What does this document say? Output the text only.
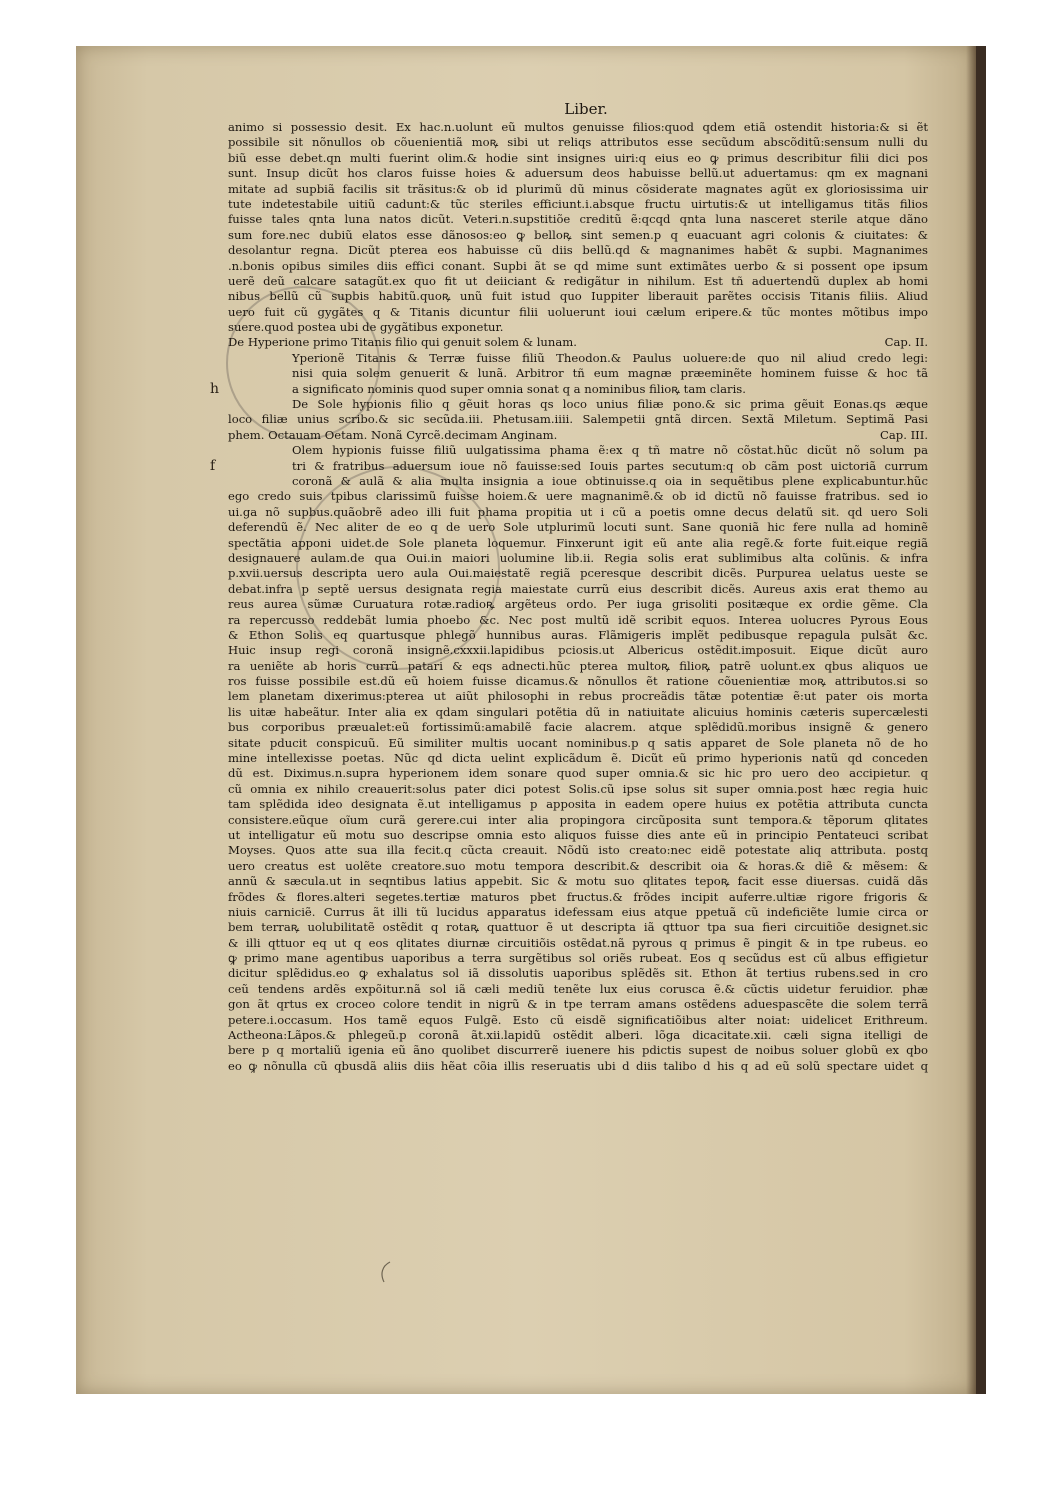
Liber.
h
f
animo si possessio desit. Ex hac.n.uolunt eũ multos genuisse filios:quod qdem etiã ostendit historia:& si ẽt
possibile sit nõnullos ob cõuenientiã moꝶ sibi ut reliqs attributos esse secũdum abscõditũ:sensum nulli du
biũ esse debet.qn multi fuerint olim.& hodie sint insignes uiri:q eius eo ꝙ primus describitur filii dici pos
sunt. Insup dicũt hos claros fuisse hoies & aduersum deos habuisse bellũ.ut aduertamus: qm ex magnani
mitate ad supbiã facilis sit trãsitus:& ob id plurimũ dũ minus cõsiderate magnates agũt ex gloriosissima uir
tute indetestabile uitiũ cadunt:& tũc steriles efficiunt.i.absque fructu uirtutis:& ut intelligamus titãs filios
fuisse tales qnta luna natos dicũt. Veteri.n.supstitiõe creditũ ẽ:qcqd qnta luna nasceret sterile atque dãno
sum fore.nec dubiũ elatos esse dãnosos:eo ꝙ belloꝶ sint semen.p q euacuant agri colonis & ciuitates: &
desolantur regna. Dicũt pterea eos habuisse cũ diis bellũ.qd & magnanimes habẽt & supbi. Magnanimes
.n.bonis opibus similes diis effici conant. Supbi ãt se qd mime sunt extimãtes uerbo & si possent ope ipsum
uerẽ deũ calcare satagũt.ex quo fit ut deiiciant & redigãtur in nihilum. Est tñ aduertendũ duplex ab homi
nibus bellũ cũ supbis habitũ.quoꝶ unũ fuit istud quo Iuppiter liberauit parẽtes occisis Titanis filiis. Aliud
uero fuit cũ gygãtes q & Titanis dicuntur filii uoluerunt ioui cælum eripere.& tũc montes mõtibus impo
suere.quod postea ubi de gygãtibus exponetur.
De Hyperione primo Titanis filio qui genuit solem & lunam.	Cap. II.
Yperionẽ Titanis & Terræ fuisse filiũ Theodon.& Paulus uoluere:de quo nil aliud credo legi:
nisi quia solem genuerit & lunã. Arbitror tñ eum magnæ præeminẽte hominem fuisse & hoc tã
a significato nominis quod super omnia sonat q a nominibus filioꝶ tam claris.
De Sole hypionis filio q gẽuit horas qs loco unius filiæ pono.& sic prima gẽuit Eonas.qs æque
loco filiæ unius scribo.& sic secũda.iii. Phetusam.iiii. Salempetii gntã dircen. Sextã Miletum. Septimã Pasi
phem. Octauam Oetam. Nonã Cyrcẽ.decimam Anginam.	Cap. III.
Olem hypionis fuisse filiũ uulgatissima phama ẽ:ex q tñ matre nõ cõstat.hũc dicũt nõ solum pa
tri & fratribus aduersum ioue nõ fauisse:sed Iouis partes secutum:q ob cãm post uictoriã currum
coronã & aulã & alia multa insignia a ioue obtinuisse.q oia in sequẽtibus plene explicabuntur.hũc
ego credo suis tpibus clarissimũ fuisse hoiem.& uere magnanimẽ.& ob id dictũ nõ fauisse fratribus. sed io
ui.ga nõ supbus.quãobrẽ adeo illi fuit phama propitia ut i cũ a poetis omne decus delatũ sit. qd uero Soli
deferendũ ẽ. Nec aliter de eo q de uero Sole utplurimũ locuti sunt. Sane quoniã hic fere nulla ad hominẽ
spectãtia apponi uidet.de Sole planeta loquemur. Finxerunt igit eũ ante alia regẽ.& forte fuit.eique regiã
designauere aulam.de qua Oui.in maiori uolumine lib.ii. Regia solis erat sublimibus alta colũnis. & infra
p.xvii.uersus descripta uero aula Oui.maiestatẽ regiã pceresque describit dicẽs. Purpurea uelatus ueste se
debat.infra p septẽ uersus designata regia maiestate currũ eius describit dicẽs. Aureus axis erat themo au
reus aurea sũmæ Curuatura rotæ.radioꝶ argẽteus ordo. Per iuga grisoliti positæque ex ordie gẽme. Cla
ra repercusso reddebãt lumia phoebo &c. Nec post multũ idẽ scribit equos. Interea uolucres Pyrous Eous
& Ethon Solis eq quartusque phlegõ hunnibus auras. Flãmigeris implẽt pedibusque repagula pulsãt &c.
Huic insup regi coronã insignẽ.cxxxii.lapidibus pciosis.ut Albericus ostẽdit.imposuit. Eique dicũt auro
ra ueniẽte ab horis currũ patari & eqs adnecti.hũc pterea multoꝶ filioꝶ patrẽ uolunt.ex qbus aliquos ue
ros fuisse possibile est.dũ eũ hoiem fuisse dicamus.& nõnullos ẽt ratione cõuenientiæ moꝶ attributos.si so
lem planetam dixerimus:pterea ut aiũt philosophi in rebus procreãdis tãtæ potentiæ ẽ:ut pater ois morta
lis uitæ habeãtur. Inter alia ex qdam singulari potẽtia dũ in natiuitate alicuius hominis cæteris supercælesti
bus corporibus præualet:eũ fortissimũ:amabilẽ facie alacrem. atque splẽdidũ.moribus insignẽ & genero
sitate pducit conspicuũ. Eũ similiter multis uocant nominibus.p q satis apparet de Sole planeta nõ de ho
mine intellexisse poetas. Nũc qd dicta uelint explicãdum ẽ. Dicũt eũ primo hyperionis natũ qd conceden
dũ est. Diximus.n.supra hyperionem idem sonare quod super omnia.& sic hic pro uero deo accipietur. q
cũ omnia ex nihilo creauerit:solus pater dici potest Solis.cũ ipse solus sit super omnia.post hæc regia huic
tam splẽdida ideo designata ẽ.ut intelligamus p apposita in eadem opere huius ex potẽtia attributa cuncta
consistere.eũque oĩum curã gerere.cui inter alia propingora circũposita sunt tempora.& tẽporum qlitates
ut intelligatur eũ motu suo descripse omnia esto aliquos fuisse dies ante eũ in principio Pentateuci scribat
Moyses. Quos atte sua illa fecit.q cũcta creauit. Nõdũ isto creato:nec eidẽ potestate aliq attributa. postq
uero creatus est uolẽte creatore.suo motu tempora describit.& describit oia & horas.& diẽ & mẽsem: &
annũ & sæcula.ut in seqntibus latius appebit. Sic & motu suo qlitates tepoꝶ facit esse diuersas. cuidã dãs
frõdes & flores.alteri segetes.tertiæ maturos pbet fructus.& frõdes incipit auferre.ultiæ rigore frigoris &
niuis carniciẽ. Currus ãt illi tũ lucidus apparatus idefessam eius atque ppetuã cũ indeficiẽte lumie circa or
bem terraꝶ uolubilitatẽ ostẽdit q rotaꝶ quattuor ẽ ut descripta iã qttuor tpa sua fieri circuitiõe designet.sic
& illi qttuor eq ut q eos qlitates diurnæ circuitiõis ostẽdat.nã pyrous q primus ẽ pingit & in tpe rubeus. eo
ꝙ primo mane agentibus uaporibus a terra surgẽtibus sol oriẽs rubeat. Eos q secũdus est cũ albus effigietur
dicitur splẽdidus.eo ꝙ exhalatus sol iã dissolutis uaporibus splẽdẽs sit. Ethon ãt tertius rubens.sed in cro
ceũ tendens ardẽs expõitur.nã sol iã cæli mediũ tenẽte lux eius corusca ẽ.& cũctis uidetur feruidior. phæ
gon ãt qrtus ex croceo colore tendit in nigrũ & in tpe terram amans ostẽdens aduespascẽte die solem terrã
petere.i.occasum. Hos tamẽ equos Fulgẽ. Esto cũ eisdẽ significatiõibus alter noiat: uidelicet Erithreum.
Actheona:Lãpos.& phlegeũ.p coronã ãt.xii.lapidũ ostẽdit alberi. lõga dicacitate.xii. cæli signa itelligi de
bere p q mortaliũ igenia eũ ãno quolibet discurrerẽ iuenere his pdictis supest de noibus soluer globũ ex qbo
eo ꝙ nõnulla cũ qbusdã aliis diis hẽat cõia illis reseruatis ubi d diis talibo d his q ad eũ solũ spectare uidet q
